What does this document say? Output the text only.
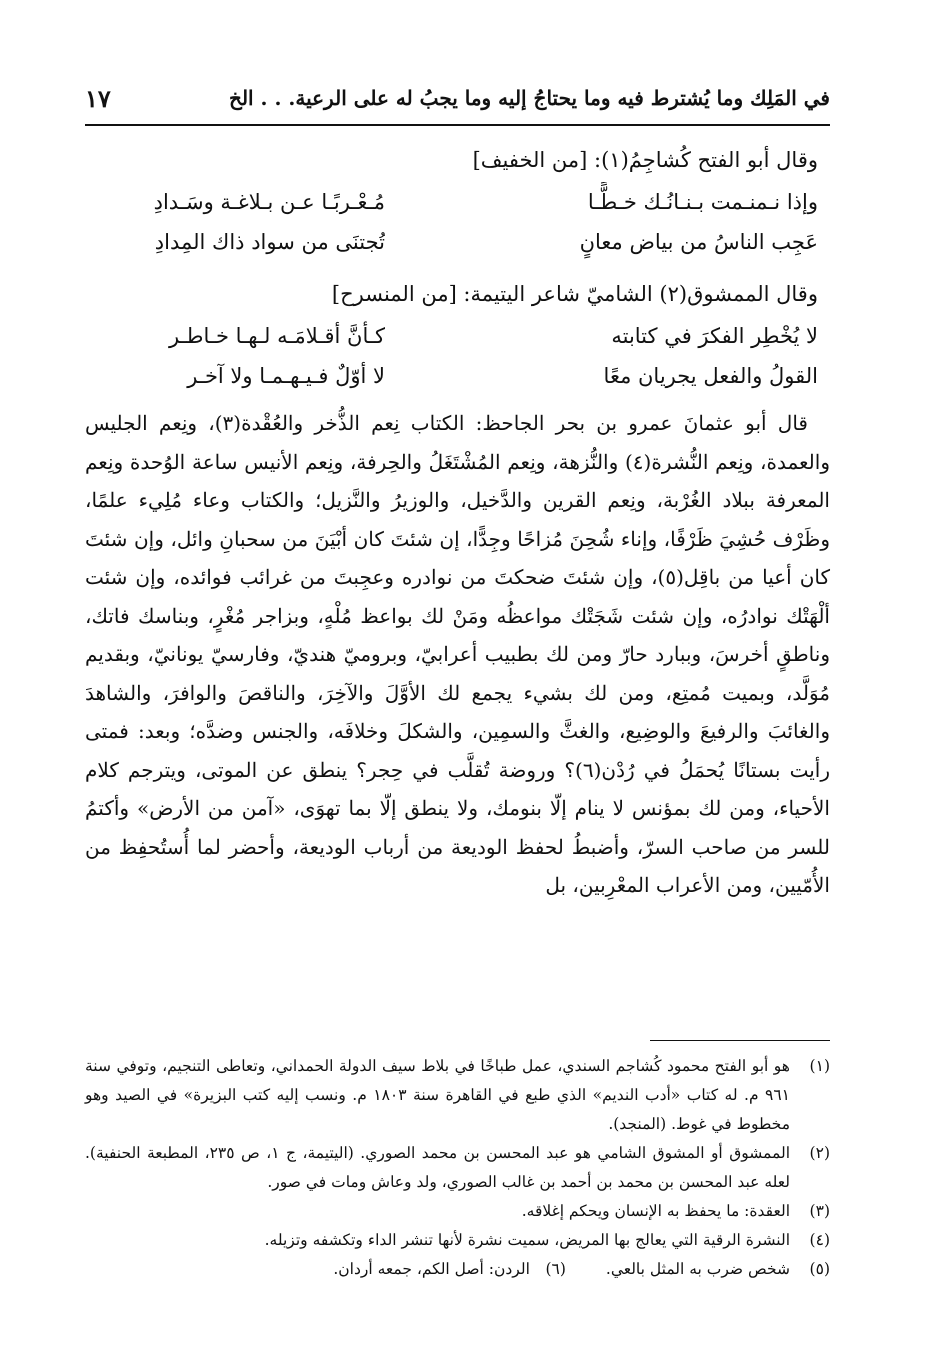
في المَلِك وما يُشترط فيه وما يحتاجُ إليه وما يجبُ له على الرعية. . . الخ
١٧
وقال أبو الفتح كُشاجِمُ(١): [من الخفيف]
وإذا نـمنـمت بـنـانُـك خـطًّـا
مُـعْـربًـا عـن بـلاغـة وسَـدادِ
عَجِب الناسُ من بياض معانٍ
تُجتنَى من سواد ذاك المِدادِ
وقال الممشوق(٢) الشاميّ شاعر اليتيمة: [من المنسرح]
لا يُخْطِر الفكرَ في كتابته
كـأنَّ أقـلامَـه لـهـا خـاطـر
القولُ والفعل يجريان معًا
لا أوّلٌ فـيـهـمـا ولا آخـر
قال أبو عثمانَ عمرو بن بحر الجاحظ: الكتاب نِعم الذُّخر والعُقْدة(٣)، ونِعم الجليس والعمدة، ونِعم النُّشرة(٤) والنُّزهة، ونِعم المُشْتَغَلُ والحِرفة، ونِعم الأنيس ساعة الوُحدة ونِعم المعرفة ببلاد الغُرْبة، ونِعم القرين والدَّخيل، والوزيرُ والنَّزيل؛ والكتاب وعاء مُلِيء علمًا، وظَرْف حُشِيَ ظَرْفًا، وإناء شُحِنَ مُزاحًا وجِدًّا، إن شئتَ كان أبْيَنَ من سحبانِ وائل، وإن شئتَ كان أعيا من باقِل(٥)، وإن شئتَ ضحكتَ من نوادره وعجِبتَ من غرائب فوائده، وإن شئت ألْهَتْك نوادرُه، وإن شئت شَجَتْك مواعظُه ومَنْ لك بواعظ مُلْهٍ، وبزاجر مُغْرٍ، وبناسك فاتك، وناطقٍ أخرسَ، وببارد حارّ ومن لك بطبيب أعرابيّ، وبروميّ هنديّ، وفارسيّ يونانيّ، وبقديم مُوَلَّد، وبميت مُمتِع، ومن لك بشيء يجمع لك الأوَّلَ والآخِرَ، والناقصَ والوافرَ، والشاهدَ والغائبَ والرفيعَ والوضِيع، والغثَّ والسمِين، والشكلَ وخلافَه، والجنس وضدَّه؛ وبعد: فمتى رأيت بستانًا يُحمَلُ في رُدْن(٦)؟ وروضة تُقلَّب في حِجر؟ ينطق عن الموتى، ويترجم كلام الأحياء، ومن لك بمؤنس لا ينام إلّا بنومك، ولا ينطق إلّا بما تهوَى، «آمن من الأرض» وأكتمُ للسر من صاحب السرّ، وأضبطُ لحفظ الوديعة من أرباب الوديعة، وأحضر لما أُستُحفِظ من الأُمّيين، ومن الأعراب المعْرِبين، بل
(١)
هو أبو الفتح محمود كُشاجم السندي، عمل طباخًا في بلاط سيف الدولة الحمداني، وتعاطى التنجيم، وتوفي سنة ٩٦١ م. له كتاب «أدب النديم» الذي طبع في القاهرة سنة ١٨٠٣ م. ونسب إليه كتب البزيرة» في الصيد وهو مخطوط في غوط. (المنجد).
(٢)
الممشوق أو المشوق الشامي هو عبد المحسن بن محمد الصوري. (اليتيمة، ج ١، ص ٢٣٥، المطبعة الحنفية). لعله عبد المحسن بن محمد بن أحمد بن غالب الصوري، ولد وعاش ومات في صور.
(٣)
العقدة: ما يحفظ به الإنسان ويحكم إغلاقه.
(٤)
النشرة الرقية التي يعالج بها المريض، سميت نشرة لأنها تنشر الداء وتكشفه وتزيله.
(٥)
شخص ضرب به المثل بالعي.
(٦)
الردن: أصل الكم، جمعه أردان.
